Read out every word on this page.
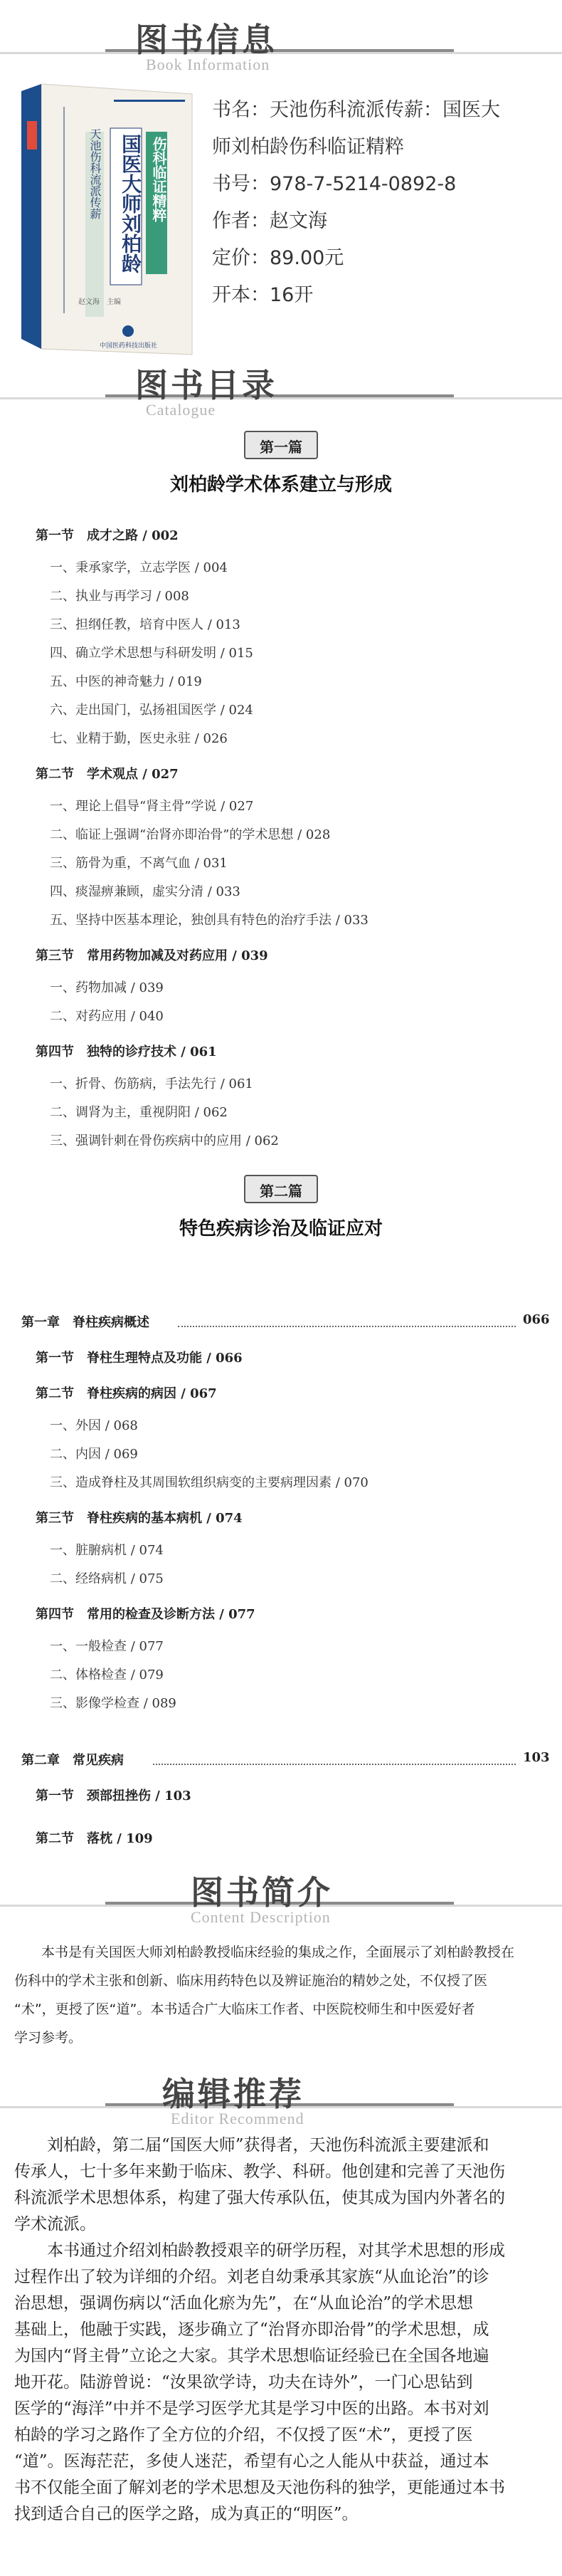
图书信息
Book Information
天池伤科流派传薪 国医大师刘柏龄 伤科临证精粹
赵文海　主编
中国医药科技出版社
书名：天池伤科流派传薪：国医大
师刘柏龄伤科临证精粹
书号：978-7-5214-0892-8
作者：赵文海
定价：89.00元
开本：16开
图书目录
Catalogue
第一篇
刘柏龄学术体系建立与形成
第一节　成才之路 / 002
一、秉承家学，立志学医 / 004
二、执业与再学习 / 008
三、担纲任教，培育中医人 / 013
四、确立学术思想与科研发明 / 015
五、中医的神奇魅力 / 019
六、走出国门，弘扬祖国医学 / 024
七、业精于勤，医史永驻 / 026
第二节　学术观点 / 027
一、理论上倡导“肾主骨”学说 / 027
二、临证上强调“治肾亦即治骨”的学术思想 / 028
三、筋骨为重，不离气血 / 031
四、痰湿痹兼顾，虚实分清 / 033
五、坚持中医基本理论，独创具有特色的治疗手法 / 033
第三节　常用药物加减及对药应用 / 039
一、药物加减 / 039
二、对药应用 / 040
第四节　独特的诊疗技术 / 061
一、折骨、伤筋病，手法先行 / 061
二、调肾为主，重视阴阳 / 062
三、强调针刺在骨伤疾病中的应用 / 062
第二篇
特色疾病诊治及临证应对
第一章　脊柱疾病概述	066
第一节　脊柱生理特点及功能 / 066
第二节　脊柱疾病的病因 / 067
一、外因 / 068
二、内因 / 069
三、造成脊柱及其周围软组织病变的主要病理因素 / 070
第三节　脊柱疾病的基本病机 / 074
一、脏腑病机 / 074
二、经络病机 / 075
第四节　常用的检查及诊断方法 / 077
一、一般检查 / 077
二、体格检查 / 079
三、影像学检查 / 089
第二章　常见疾病	103
第一节　颈部扭挫伤 / 103
第二节　落枕 / 109
图书简介
Content Description
　　本书是有关国医大师刘柏龄教授临床经验的集成之作，全面展示了刘柏龄教授在
伤科中的学术主张和创新、临床用药特色以及辨证施治的精妙之处，不仅授了医
“术”，更授了医“道”。本书适合广大临床工作者、中医院校师生和中医爱好者
学习参考。
编辑推荐
Editor Recommend
　　刘柏龄，第二届“国医大师”获得者，天池伤科流派主要建派和
传承人，七十多年来勤于临床、教学、科研。他创建和完善了天池伤
科流派学术思想体系，构建了强大传承队伍，使其成为国内外著名的
学术流派。
　　本书通过介绍刘柏龄教授艰辛的研学历程，对其学术思想的形成
过程作出了较为详细的介绍。刘老自幼秉承其家族“从血论治”的诊
治思想，强调伤病以“活血化瘀为先”，在“从血论治”的学术思想
基础上，他融于实践，逐步确立了“治肾亦即治骨”的学术思想，成
为国内“肾主骨”立论之大家。其学术思想临证经验已在全国各地遍
地开花。陆游曾说：“汝果欲学诗，功夫在诗外”，一门心思钻到
医学的“海洋”中并不是学习医学尤其是学习中医的出路。本书对刘
柏龄的学习之路作了全方位的介绍，不仅授了医“术”，更授了医
“道”。医海茫茫，多使人迷茫，希望有心之人能从中获益，通过本
书不仅能全面了解刘老的学术思想及天池伤科的独学，更能通过本书
找到适合自己的医学之路，成为真正的“明医”。
